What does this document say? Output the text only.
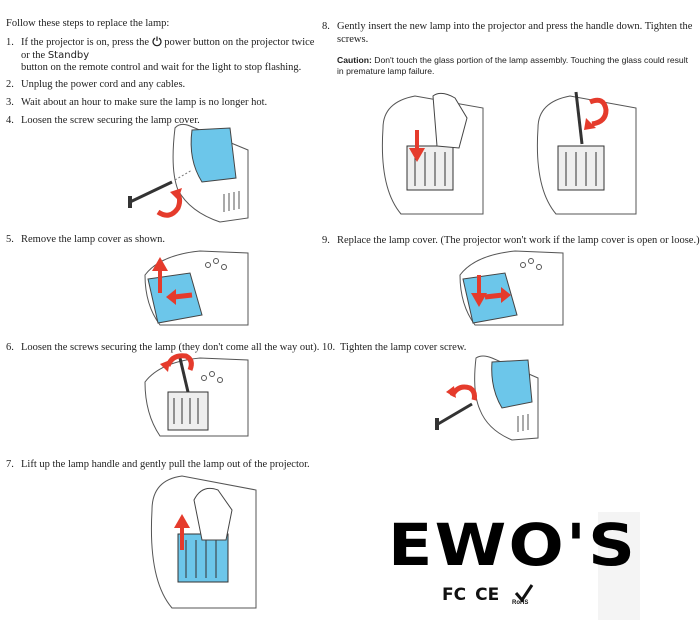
Follow these steps to replace the lamp:
1. If the projector is on, press the  power button on the projector twice
or the Standby
button on the remote control and wait for the light to stop flashing.
2. Unplug the power cord and any cables.
3. Wait about an hour to make sure the lamp is no longer hot.
4. Loosen the screw securing the lamp cover.
5. Remove the lamp cover as shown.
6. Loosen the screws securing the lamp (they don't come all the way out).
7. Lift up the lamp handle and gently pull the lamp out of the projector.
8. Gently insert the new lamp into the projector and press the handle down. Tighten the
screws.
Caution: Don't touch the glass portion of the lamp assembly. Touching the glass could result
in premature lamp failure.
9. Replace the lamp cover. (The projector won't work if the lamp cover is open or loose.)
10. Tighten the lamp cover screw.
EWO'S
FC CE	RoHS
